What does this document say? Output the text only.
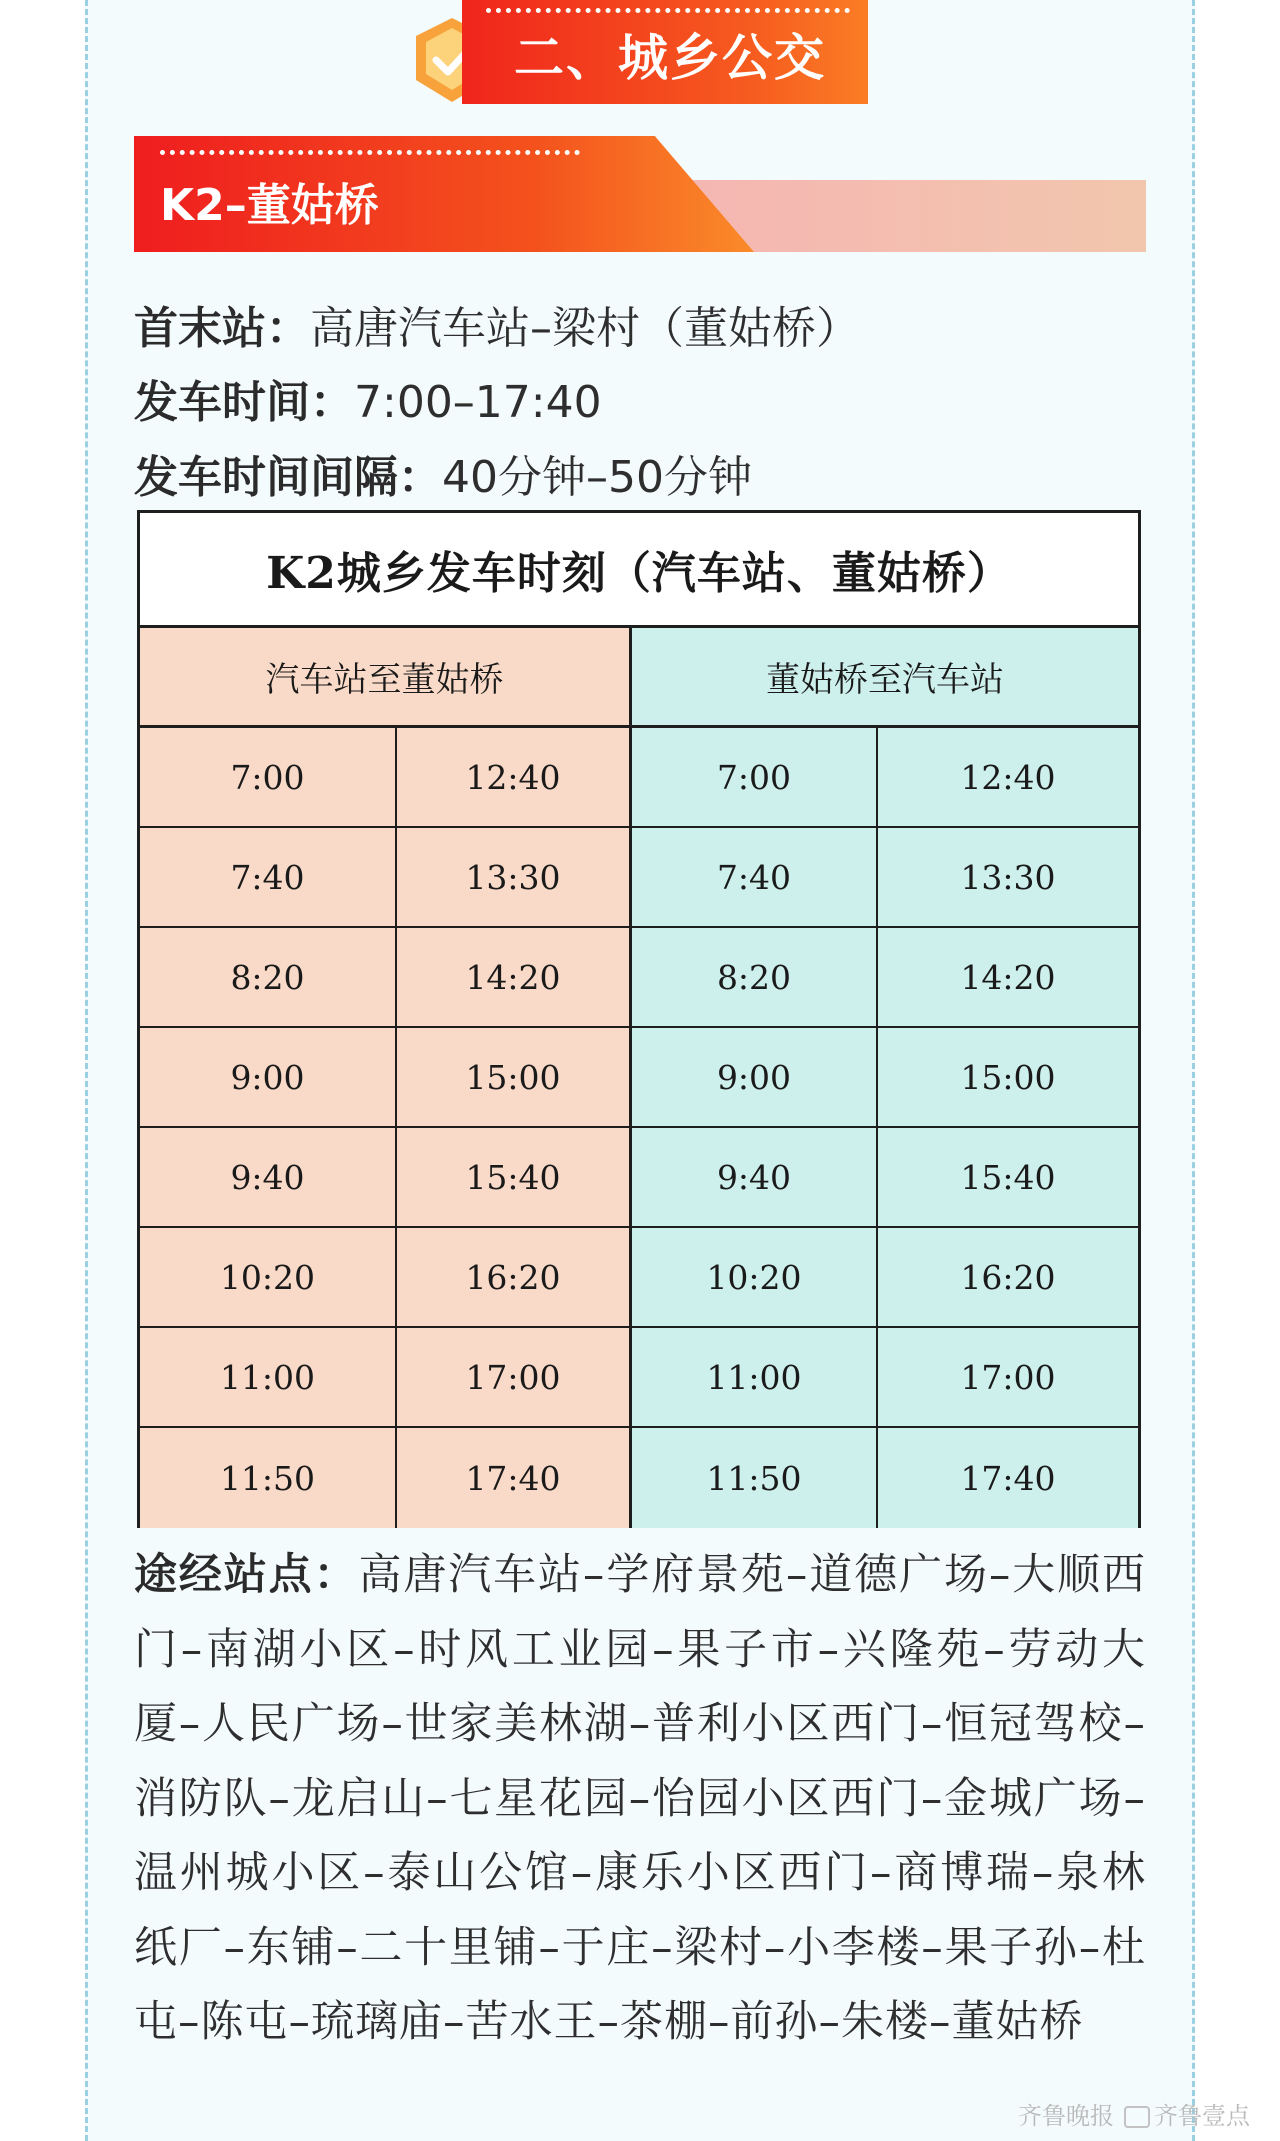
二、城乡公交
K2–董姑桥
首末站：高唐汽车站–梁村（董姑桥）
发车时间：7:00–17:40
发车时间间隔：40分钟–50分钟
K2城乡发车时刻（汽车站、董姑桥）
汽车站至董姑桥	董姑桥至汽车站
7:00	12:40	7:00	12:40
7:40	13:30	7:40	13:30
8:20	14:20	8:20	14:20
9:00	15:00	9:00	15:00
9:40	15:40	9:40	15:40
10:20	16:20	10:20	16:20
11:00	17:00	11:00	17:00
11:50	17:40	11:50	17:40
途经站点：高唐汽车站–学府景苑–道德广场–大顺西门–南湖小区–时风工业园–果子市–兴隆苑–劳动大厦–人民广场–世家美林湖–普利小区西门–恒冠驾校–消防队–龙启山–七星花园–怡园小区西门–金城广场–温州城小区–泰山公馆–康乐小区西门–商博瑞–泉林纸厂–东铺–二十里铺–于庄–梁村–小李楼–果子孙–杜屯–陈屯–琉璃庙–苦水王–茶棚–前孙–朱楼–董姑桥
齐鲁晚报 齐鲁壹点
